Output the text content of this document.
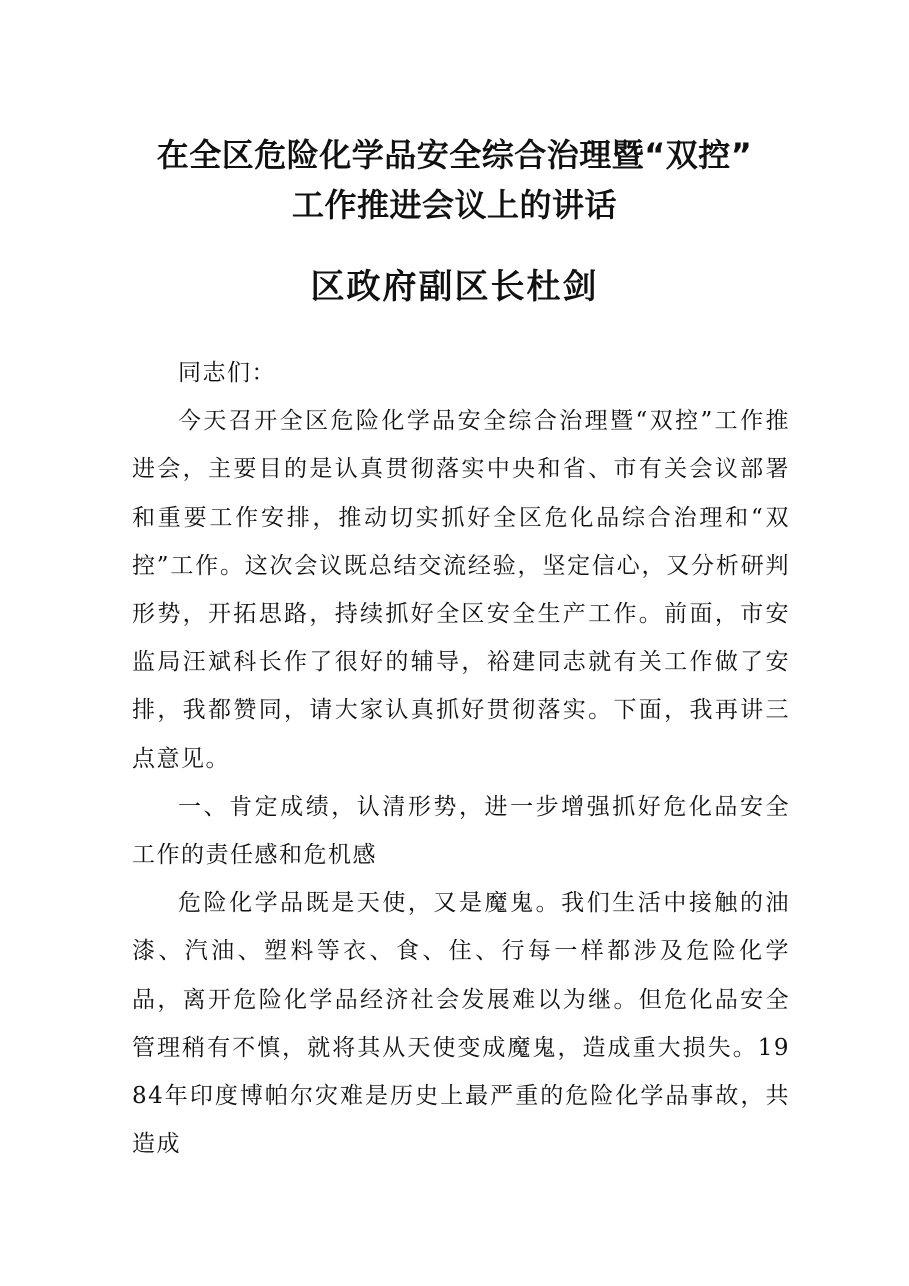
在全区危险化学品安全综合治理暨“双控”
工作推进会议上的讲话
区政府副区长杜剑

同志们：

今天召开全区危险化学品安全综合治理暨“双控”工作推进会，主要目的是认真贯彻落实中央和省、市有关会议部署和重要工作安排，推动切实抓好全区危化品综合治理和“双控”工作。这次会议既总结交流经验，坚定信心，又分析研判形势，开拓思路，持续抓好全区安全生产工作。前面，市安监局汪斌科长作了很好的辅导，裕建同志就有关工作做了安排，我都赞同，请大家认真抓好贯彻落实。下面，我再讲三点意见。

一、肯定成绩，认清形势，进一步增强抓好危化品安全工作的责任感和危机感

危险化学品既是天使，又是魔鬼。我们生活中接触的油漆、汽油、塑料等衣、食、住、行每一样都涉及危险化学品，离开危险化学品经济社会发展难以为继。但危化品安全管理稍有不慎，就将其从天使变成魔鬼，造成重大损失。1984年印度博帕尔灾难是历史上最严重的危险化学品事故，共造成
